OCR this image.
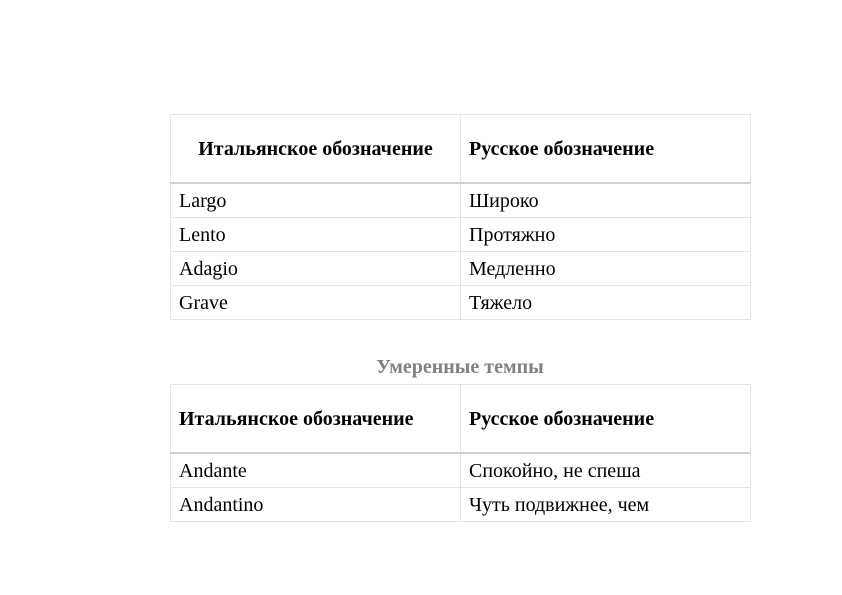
Итальянское обозначение	Русское обозначение
Largo	Широко
Lento	Протяжно
Adagio	Медленно
Grave	Тяжело
Умеренные темпы
Итальянское обозначение	Русское обозначение
Andante	Спокойно, не спеша
Andantino	Чуть подвижнее, чем
